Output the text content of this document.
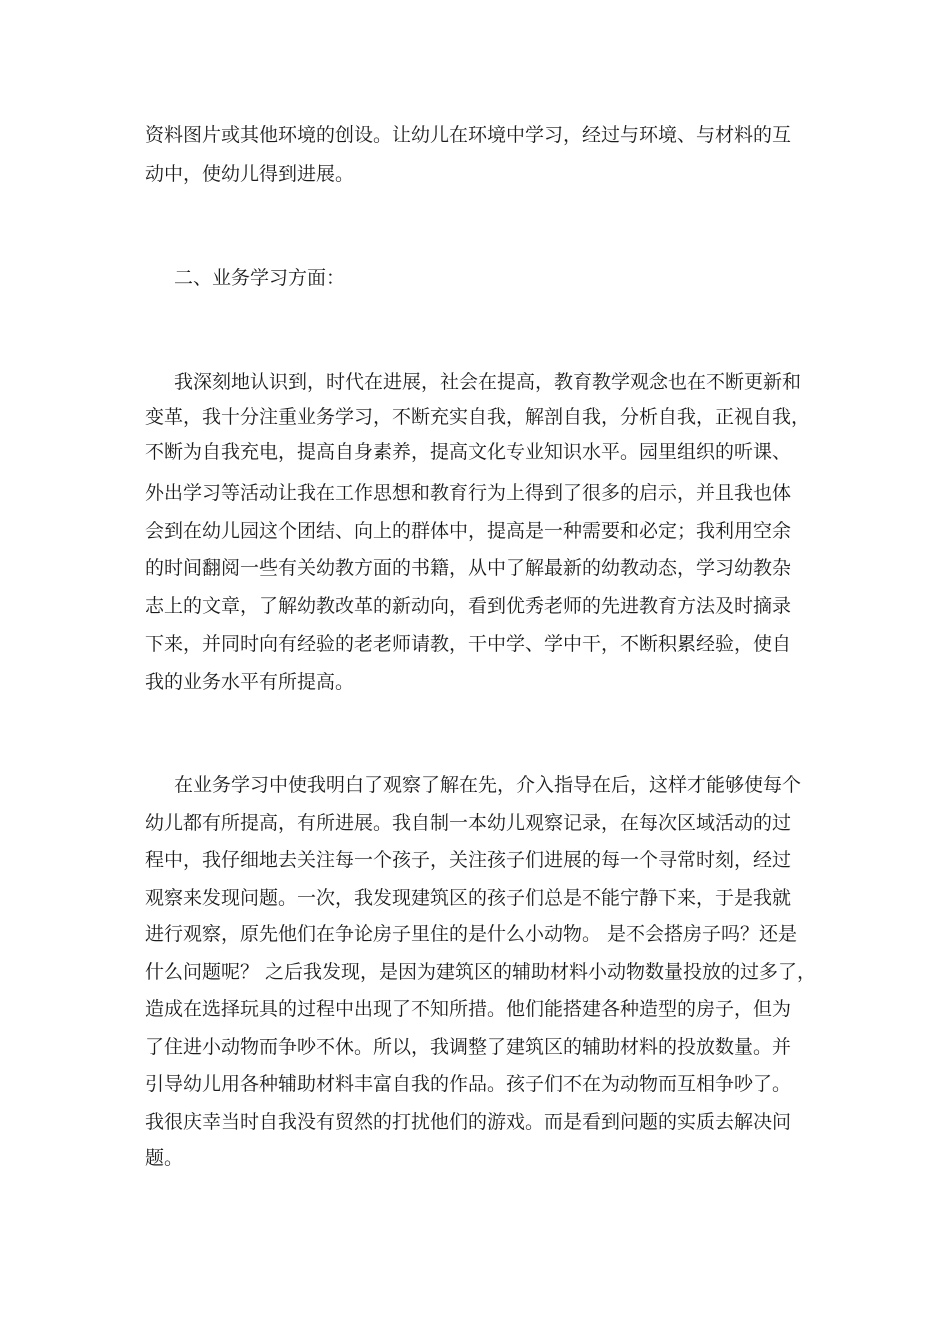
资料图片或其他环境的创设。让幼儿在环境中学习，经过与环境、与材料的互
动中，使幼儿得到进展。
二、业务学习方面：
我深刻地认识到，时代在进展，社会在提高，教育教学观念也在不断更新和
变革，我十分注重业务学习，不断充实自我，解剖自我，分析自我，正视自我，
不断为自我充电，提高自身素养，提高文化专业知识水平。园里组织的听课、
外出学习等活动让我在工作思想和教育行为上得到了很多的启示，并且我也体
会到在幼儿园这个团结、向上的群体中，提高是一种需要和必定；我利用空余
的时间翻阅一些有关幼教方面的书籍，从中了解最新的幼教动态，学习幼教杂
志上的文章，了解幼教改革的新动向，看到优秀老师的先进教育方法及时摘录
下来，并同时向有经验的老老师请教，干中学、学中干，不断积累经验，使自
我的业务水平有所提高。
在业务学习中使我明白了观察了解在先，介入指导在后，这样才能够使每个
幼儿都有所提高，有所进展。我自制一本幼儿观察记录，在每次区域活动的过
程中，我仔细地去关注每一个孩子，关注孩子们进展的每一个寻常时刻，经过
观察来发现问题。一次，我发现建筑区的孩子们总是不能宁静下来，于是我就
进行观察，原先他们在争论房子里住的是什么小动物。 是不会搭房子吗？还是
什么问题呢？ 之后我发现，是因为建筑区的辅助材料小动物数量投放的过多了，
造成在选择玩具的过程中出现了不知所措。他们能搭建各种造型的房子，但为
了住进小动物而争吵不休。所以，我调整了建筑区的辅助材料的投放数量。并
引导幼儿用各种辅助材料丰富自我的作品。孩子们不在为动物而互相争吵了。
我很庆幸当时自我没有贸然的打扰他们的游戏。而是看到问题的实质去解决问
题。
